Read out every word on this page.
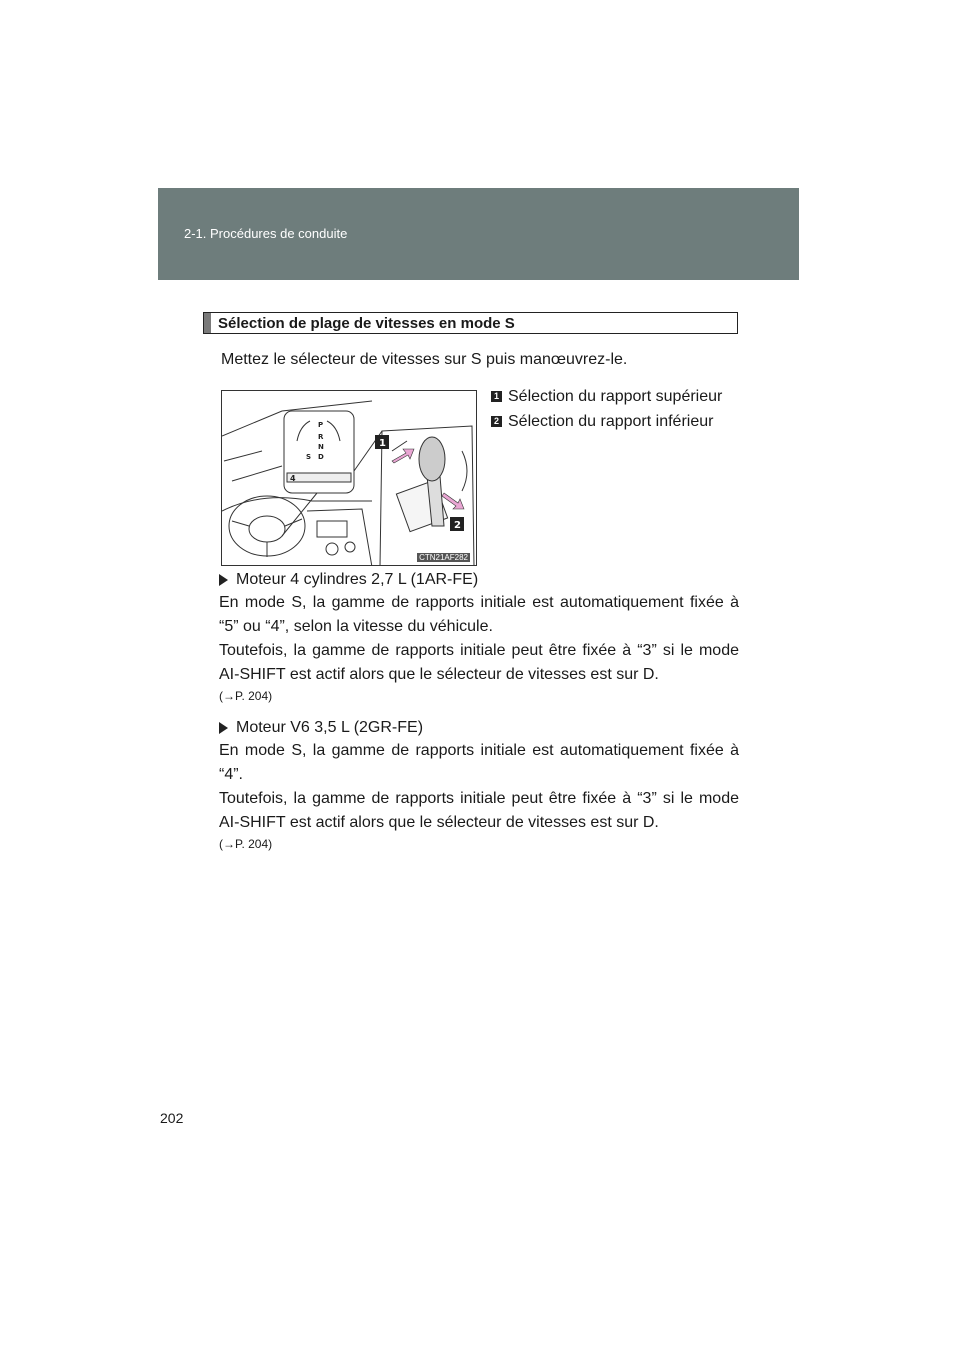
2-1. Procédures de conduite
Sélection de plage de vitesses en mode S
Mettez le sélecteur de vitesses sur S puis manœuvrez-le.
P
R
N
D
S
4
1
2
CTN21AF282
1 Sélection du rapport supérieur
2 Sélection du rapport inférieur
Moteur 4 cylindres 2,7 L (1AR-FE)
En mode S, la gamme de rapports initiale est automatiquement fixée à “5” ou “4”, selon la vitesse du véhicule.
Toutefois, la gamme de rapports initiale peut être fixée à “3” si le mode AI-SHIFT est actif alors que le sélecteur de vitesses est sur D.
(→P. 204)
Moteur V6 3,5 L (2GR-FE)
En mode S, la gamme de rapports initiale est automatiquement fixée à “4”.
Toutefois, la gamme de rapports initiale peut être fixée à “3” si le mode AI-SHIFT est actif alors que le sélecteur de vitesses est sur D.
(→P. 204)
202
